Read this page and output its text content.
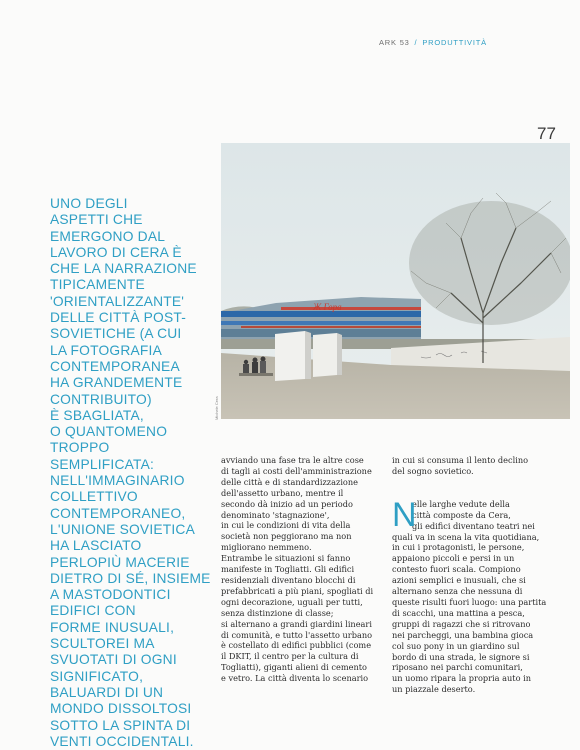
ARK 53 / PRODUTTIVITÀ
77

UNO DEGLI
ASPETTI CHE
EMERGONO DAL
LAVORO DI CERA È
CHE LA NARRAZIONE
TIPICAMENTE
'ORIENTALIZZANTE'
DELLE CITTÀ POST-
SOVIETICHE (A CUI
LA FOTOGRAFIA
CONTEMPORANEA
HA GRANDEMENTE
CONTRIBUITO)
È SBAGLIATA,
O QUANTOMENO
TROPPO
SEMPLIFICATA:
NELL'IMMAGINARIO
COLLETTIVO
CONTEMPORANEO,
L'UNIONE SOVIETICA
HA LASCIATO
PERLOPIÙ MACERIE
DIETRO DI SÉ, INSIEME
A MASTODONTICI
EDIFICI CON
FORME INUSUALI,
SCULTOREI MA
SVUOTATI DI OGNI
SIGNIFICATO,
BALUARDI DI UN
MONDO DISSOLTOSI
SOTTO LA SPINTA DI
VENTI OCCIDENTALI.

Ж Гора
Michele Cera
avviando una fase tra le altre cose
di tagli ai costi dell'amministrazione
delle città e di standardizzazione
dell'assetto urbano, mentre il
secondo dà inizio ad un periodo
denominato 'stagnazione',
in cui le condizioni di vita della
società non peggiorano ma non
migliorano nemmeno.
Entrambe le situazioni si fanno
manifeste in Togliatti. Gli edifici
residenziali diventano blocchi di
prefabbricati a più piani, spogliati di
ogni decorazione, uguali per tutti,
senza distinzione di classe;
si alternano a grandi giardini lineari
di comunità, e tutto l'assetto urbano
è costellato di edifici pubblici (come
il DKIT, il centro per la cultura di
Togliatti), giganti alieni di cemento
e vetro. La città diventa lo scenario
in cui si consuma il lento declino
del sogno sovietico.
N
elle larghe vedute della
città composte da Cera,
gli edifici diventano teatri nei
quali va in scena la vita quotidiana,
in cui i protagonisti, le persone,
appaiono piccoli e persi in un
contesto fuori scala. Compiono
azioni semplici e inusuali, che si
alternano senza che nessuna di
queste risulti fuori luogo: una partita
di scacchi, una mattina a pesca,
gruppi di ragazzi che si ritrovano
nei parcheggi, una bambina gioca
col suo pony in un giardino sul
bordo di una strada, le signore si
riposano nei parchi comunitari,
un uomo ripara la propria auto in
un piazzale deserto.
